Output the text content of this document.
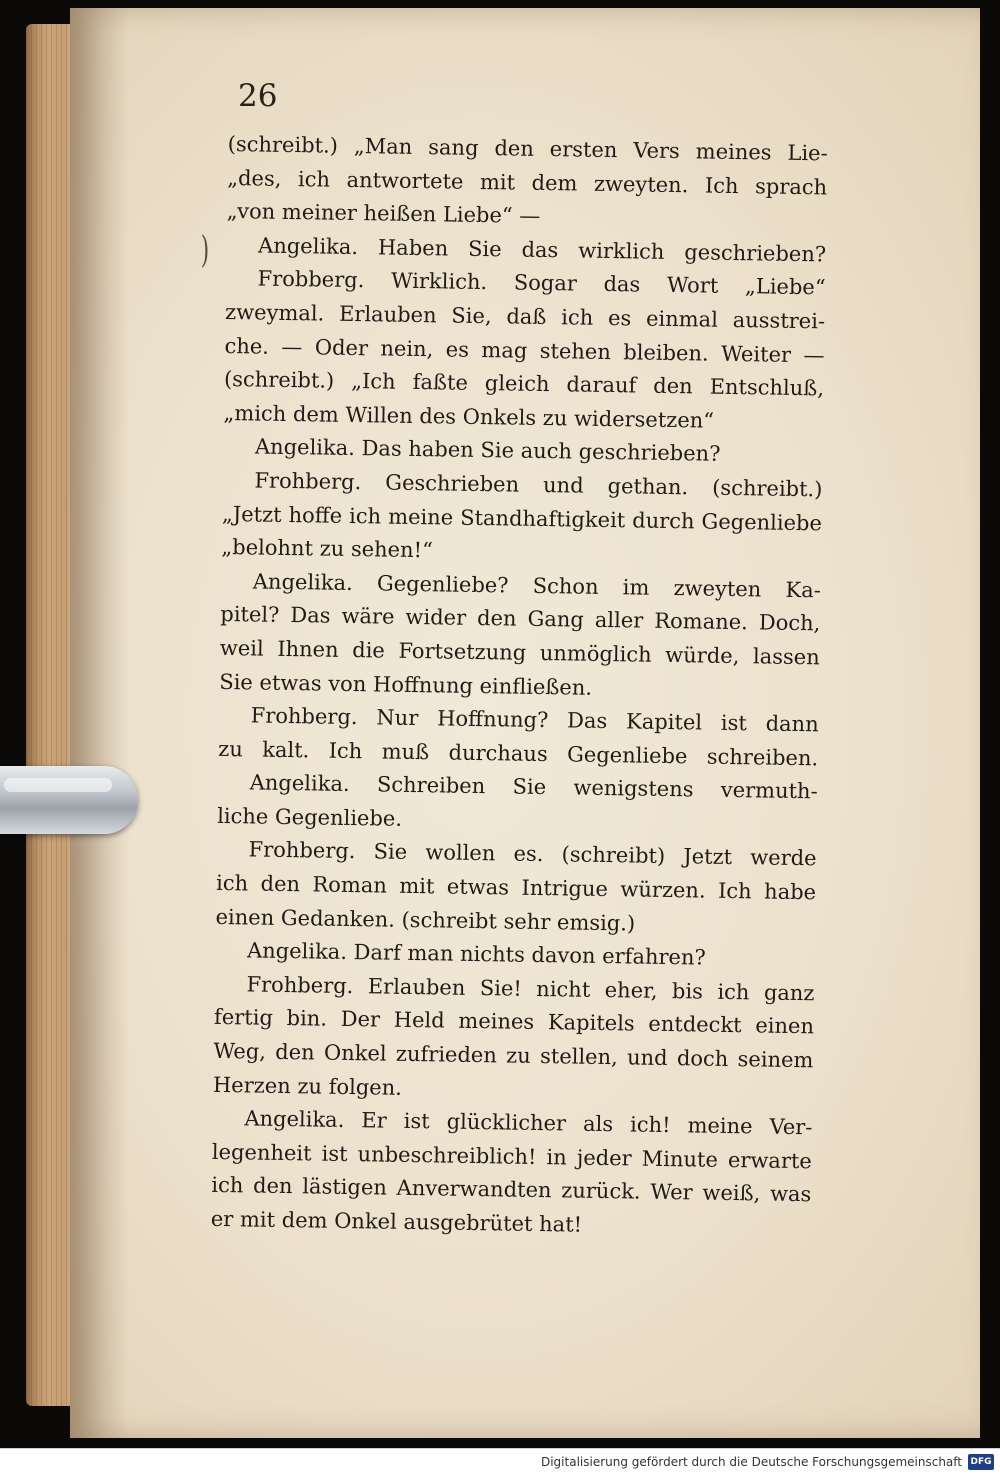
26
)
(schreibt.) „Man sang den ersten Vers meines Lie-
„des, ich antwortete mit dem zweyten. Ich sprach
„von meiner heißen Liebe“ —
Angelika. Haben Sie das wirklich geschrieben?
Frobberg. Wirklich. Sogar das Wort „Liebe“
zweymal. Erlauben Sie, daß ich es einmal ausstrei-
che. — Oder nein, es mag stehen bleiben. Weiter —
(schreibt.) „Ich faßte gleich darauf den Entschluß,
„mich dem Willen des Onkels zu widersetzen“
Angelika. Das haben Sie auch geschrieben?
Frohberg. Geschrieben und gethan. (schreibt.)
„Jetzt hoffe ich meine Standhaftigkeit durch Gegenliebe
„belohnt zu sehen!“
Angelika. Gegenliebe? Schon im zweyten Ka-
pitel? Das wäre wider den Gang aller Romane. Doch,
weil Ihnen die Fortsetzung unmöglich würde, lassen
Sie etwas von Hoffnung einfließen.
Frohberg. Nur Hoffnung? Das Kapitel ist dann
zu kalt. Ich muß durchaus Gegenliebe schreiben.
Angelika. Schreiben Sie wenigstens vermuth-
liche Gegenliebe.
Frohberg. Sie wollen es. (schreibt) Jetzt werde
ich den Roman mit etwas Intrigue würzen. Ich habe
einen Gedanken. (schreibt sehr emsig.)
Angelika. Darf man nichts davon erfahren?
Frohberg. Erlauben Sie! nicht eher, bis ich ganz
fertig bin. Der Held meines Kapitels entdeckt einen
Weg, den Onkel zufrieden zu stellen, und doch seinem
Herzen zu folgen.
Angelika. Er ist glücklicher als ich! meine Ver-
legenheit ist unbeschreiblich! in jeder Minute erwarte
ich den lästigen Anverwandten zurück. Wer weiß, was
er mit dem Onkel ausgebrütet hat!
Digitalisierung gefördert durch die Deutsche Forschungsgemeinschaft DFG
